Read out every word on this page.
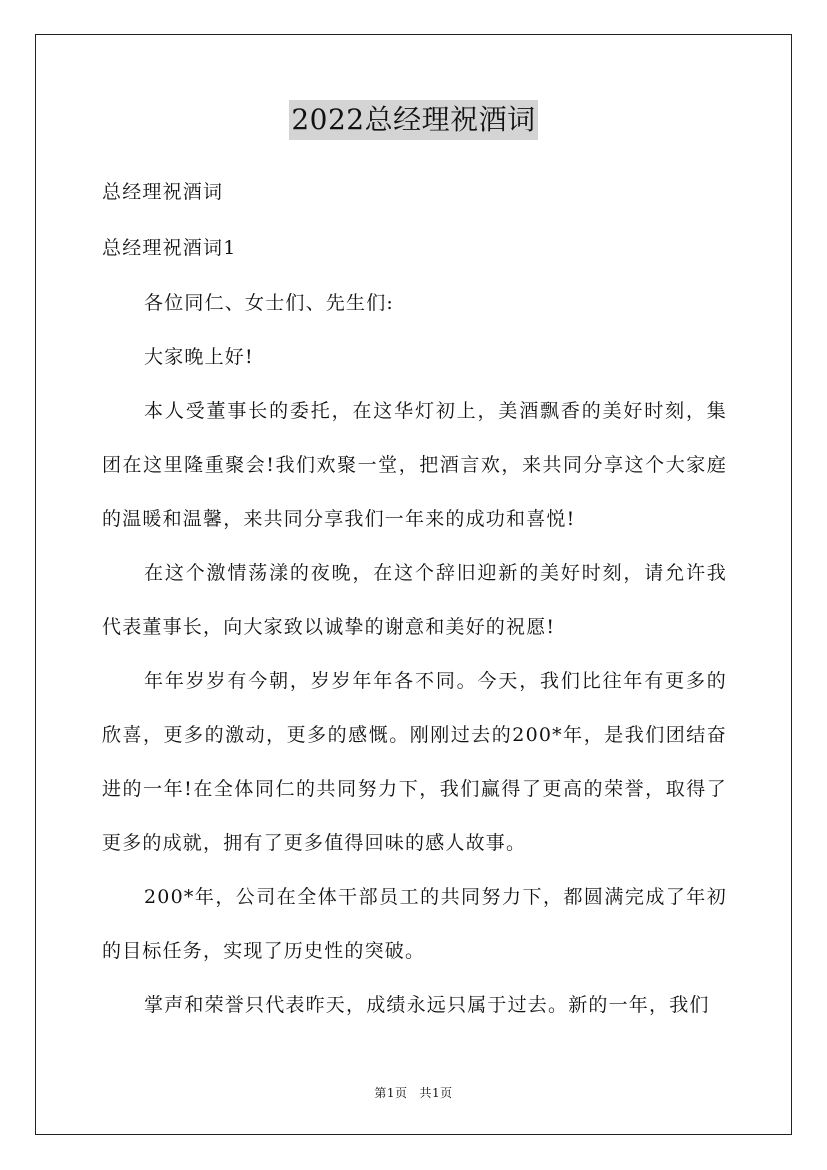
2022总经理祝酒词
总经理祝酒词
总经理祝酒词1

各位同仁、女士们、先生们:

大家晚上好!

本人受董事长的委托，在这华灯初上，美酒飘香的美好时刻，集团在这里隆重聚会!我们欢聚一堂，把酒言欢，来共同分享这个大家庭的温暖和温馨，来共同分享我们一年来的成功和喜悦!

在这个激情荡漾的夜晚，在这个辞旧迎新的美好时刻，请允许我代表董事长，向大家致以诚挚的谢意和美好的祝愿!

年年岁岁有今朝，岁岁年年各不同。今天，我们比往年有更多的欣喜，更多的激动，更多的感慨。刚刚过去的200*年，是我们团结奋进的一年!在全体同仁的共同努力下，我们赢得了更高的荣誉，取得了更多的成就，拥有了更多值得回味的感人故事。

200*年，公司在全体干部员工的共同努力下，都圆满完成了年初的目标任务，实现了历史性的突破。

掌声和荣誉只代表昨天，成绩永远只属于过去。新的一年，我们

第1页 共1页
